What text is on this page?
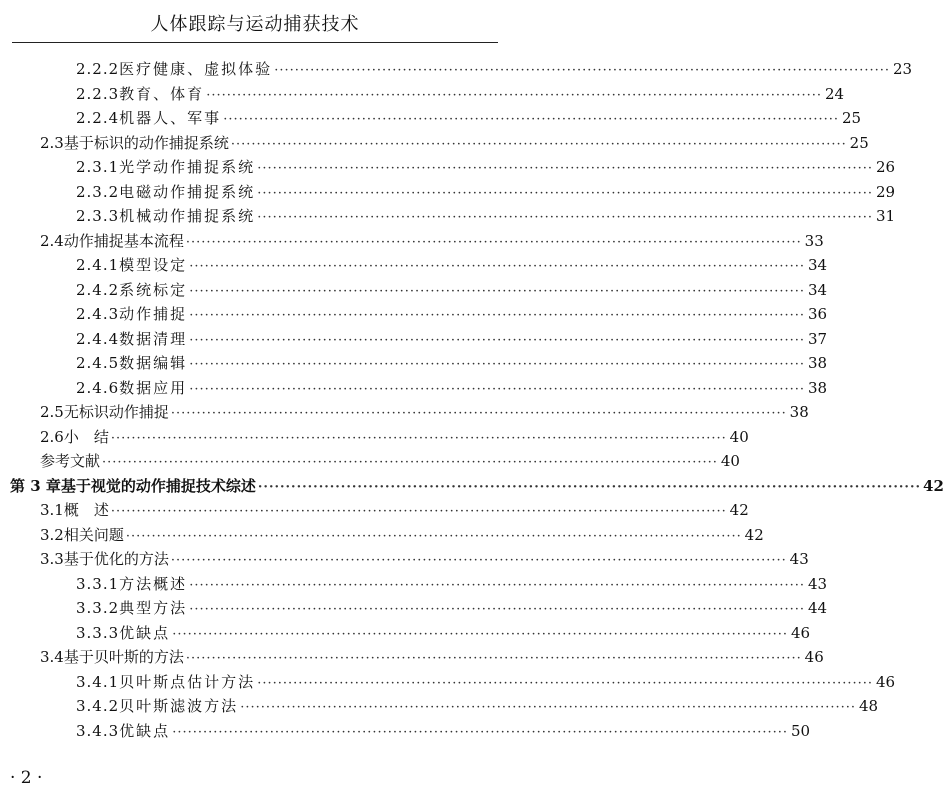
人体跟踪与运动捕获技术
2.2.2 医疗健康、虚拟体验 ························································································································ 23
2.2.3 教育、体育 ························································································································ 24
2.2.4 机器人、军事 ························································································································ 25
2.3 基于标识的动作捕捉系统 ························································································································ 25
2.3.1 光学动作捕捉系统 ························································································································ 26
2.3.2 电磁动作捕捉系统 ························································································································ 29
2.3.3 机械动作捕捉系统 ························································································································ 31
2.4 动作捕捉基本流程 ························································································································ 33
2.4.1 模型设定 ························································································································ 34
2.4.2 系统标定 ························································································································ 34
2.4.3 动作捕捉 ························································································································ 36
2.4.4 数据清理 ························································································································ 37
2.4.5 数据编辑 ························································································································ 38
2.4.6 数据应用 ························································································································ 38
2.5 无标识动作捕捉 ························································································································ 38
2.6 小　结 ························································································································ 40
参考文献 ························································································································ 40
第 3 章 基于视觉的动作捕捉技术综述 ························································································································ 42
3.1 概　述 ························································································································ 42
3.2 相关问题 ························································································································ 42
3.3 基于优化的方法 ························································································································ 43
3.3.1 方法概述 ························································································································ 43
3.3.2 典型方法 ························································································································ 44
3.3.3 优缺点 ························································································································ 46
3.4 基于贝叶斯的方法 ························································································································ 46
3.4.1 贝叶斯点估计方法 ························································································································ 46
3.4.2 贝叶斯滤波方法 ························································································································ 48
3.4.3 优缺点 ························································································································ 50
· 2 ·
